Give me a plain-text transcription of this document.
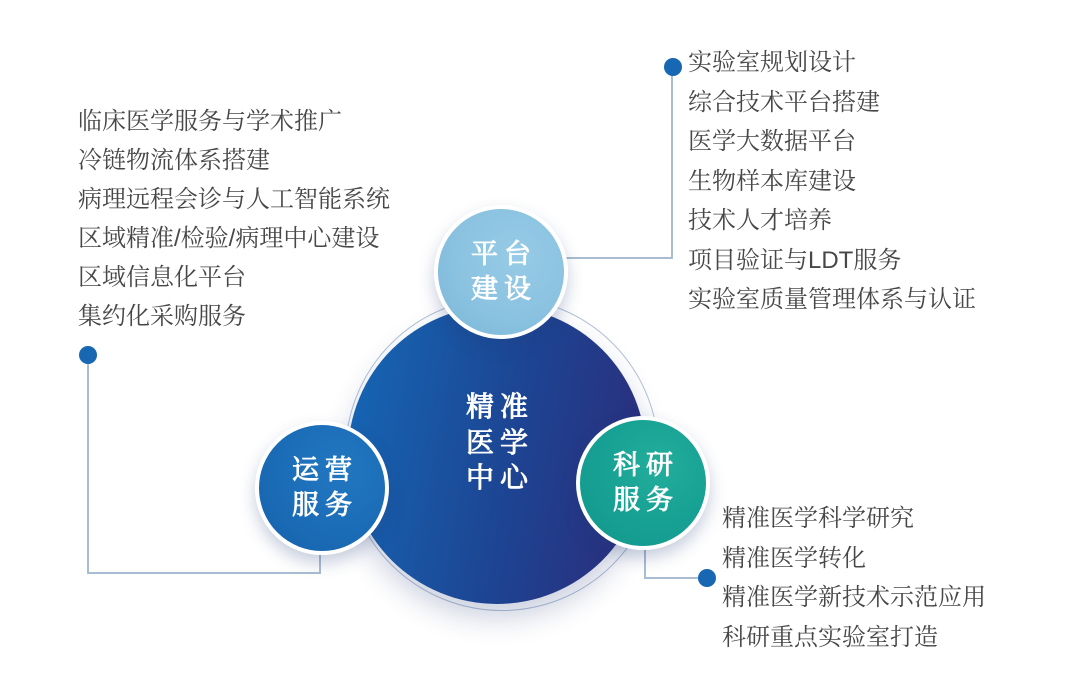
精准
医学
中心
平台
建设
运营
服务
科研
服务
临床医学服务与学术推广
冷链物流体系搭建
病理远程会诊与人工智能系统
区域精准/检验/病理中心建设
区域信息化平台
集约化采购服务
实验室规划设计
综合技术平台搭建
医学大数据平台
生物样本库建设
技术人才培养
项目验证与LDT服务
实验室质量管理体系与认证
精准医学科学研究
精准医学转化
精准医学新技术示范应用
科研重点实验室打造
